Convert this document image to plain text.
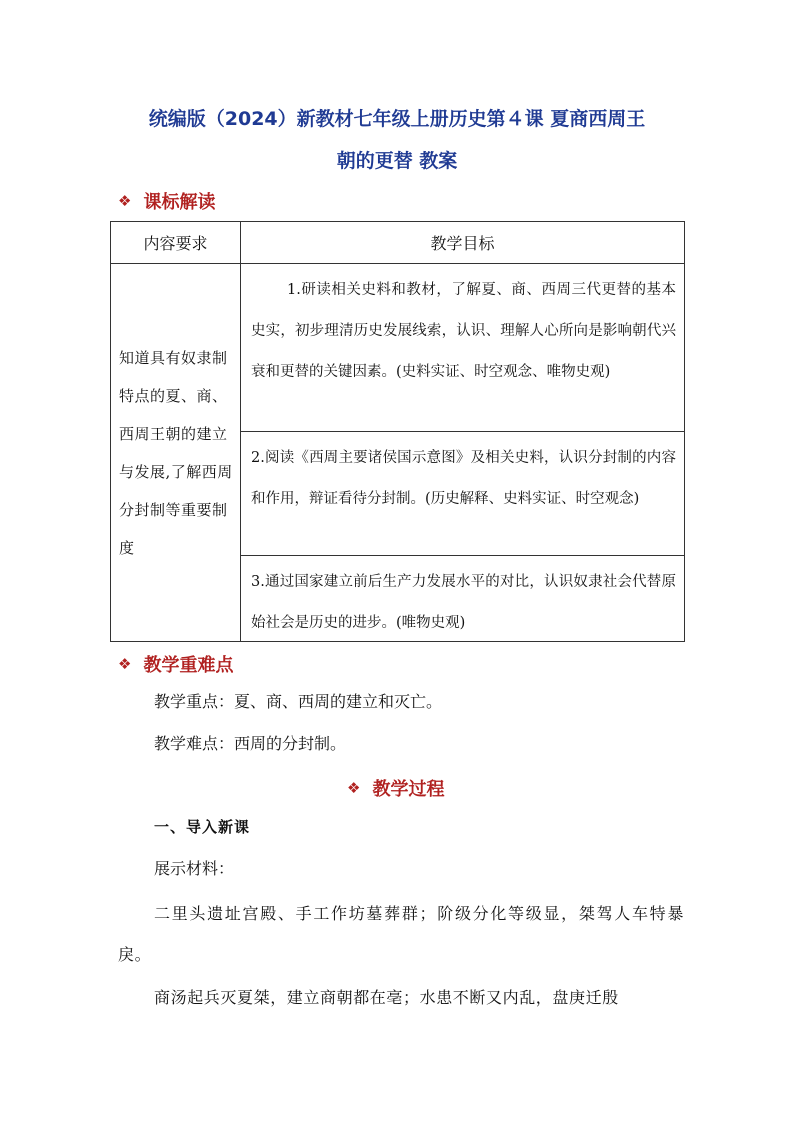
统编版（2024）新教材七年级上册历史第４课 夏商西周王
朝的更替 教案
❖ 课标解读
内容要求	教学目标

知道具有奴隶制特点的夏、商、西周王朝的建立与发展,了解西周分封制等重要制度	1.研读相关史料和教材，了解夏、商、西周三代更替的基本史实，初步理清历史发展线索，认识、理解人心所向是影响朝代兴衰和更替的关键因素。(史料实证、时空观念、唯物史观)

	2.阅读《西周主要诸侯国示意图》及相关史料，认识分封制的内容和作用，辩证看待分封制。(历史解释、史料实证、时空观念)

	3.通过国家建立前后生产力发展水平的对比，认识奴隶社会代替原始社会是历史的进步。(唯物史观)
❖ 教学重难点
教学重点：夏、商、西周的建立和灭亡。
教学难点：西周的分封制。
❖ 教学过程
一、导入新课
展示材料：
二里头遗址宫殿、手工作坊墓葬群；阶级分化等级显，桀驾人车特暴戾。
商汤起兵灭夏桀，建立商朝都在亳；水患不断又内乱，盘庚迁殷
